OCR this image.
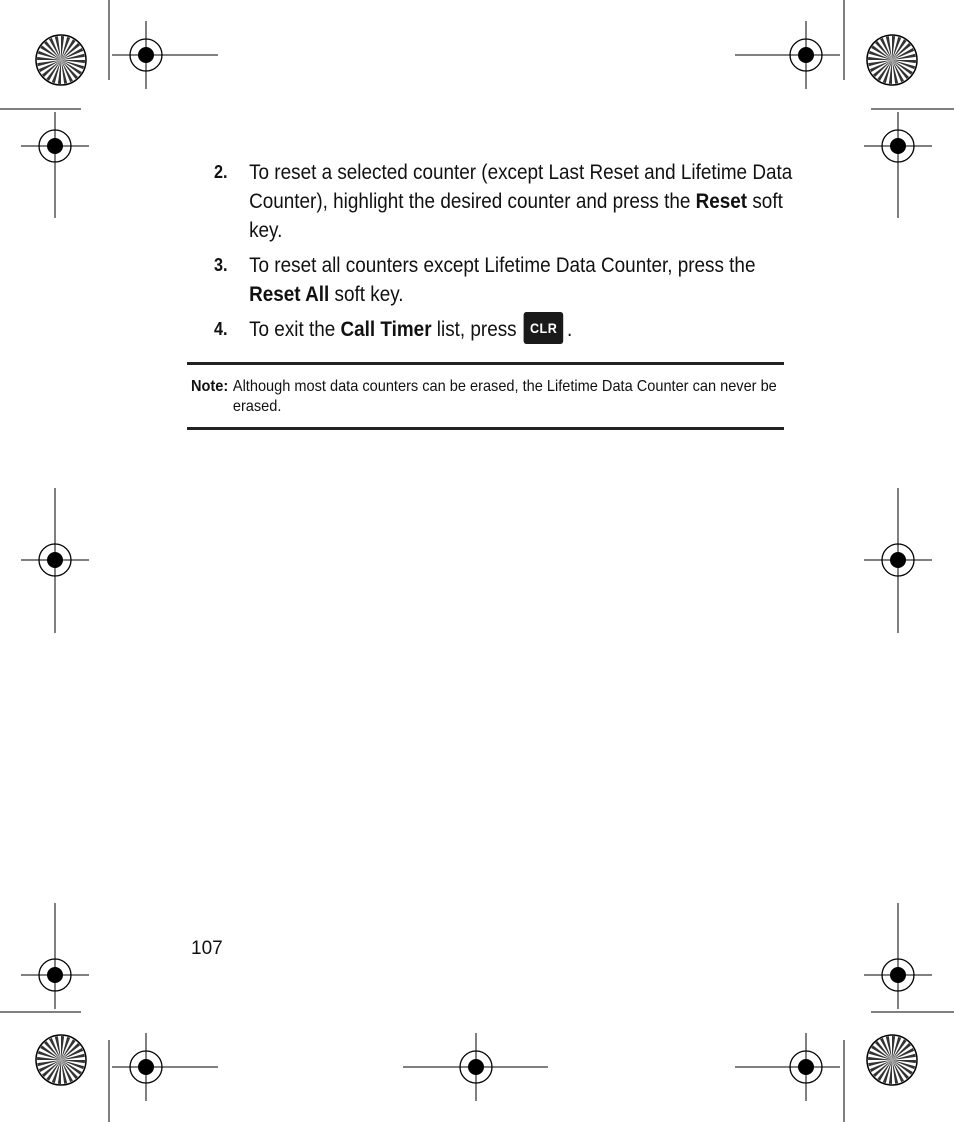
2. To reset a selected counter (except Last Reset and Lifetime Data Counter), highlight the desired counter and press the Reset soft key.
3. To reset all counters except Lifetime Data Counter, press the Reset All soft key.
4. To exit the Call Timer list, press CLR .
Note: Although most data counters can be erased, the Lifetime Data Counter can never be erased.
107
